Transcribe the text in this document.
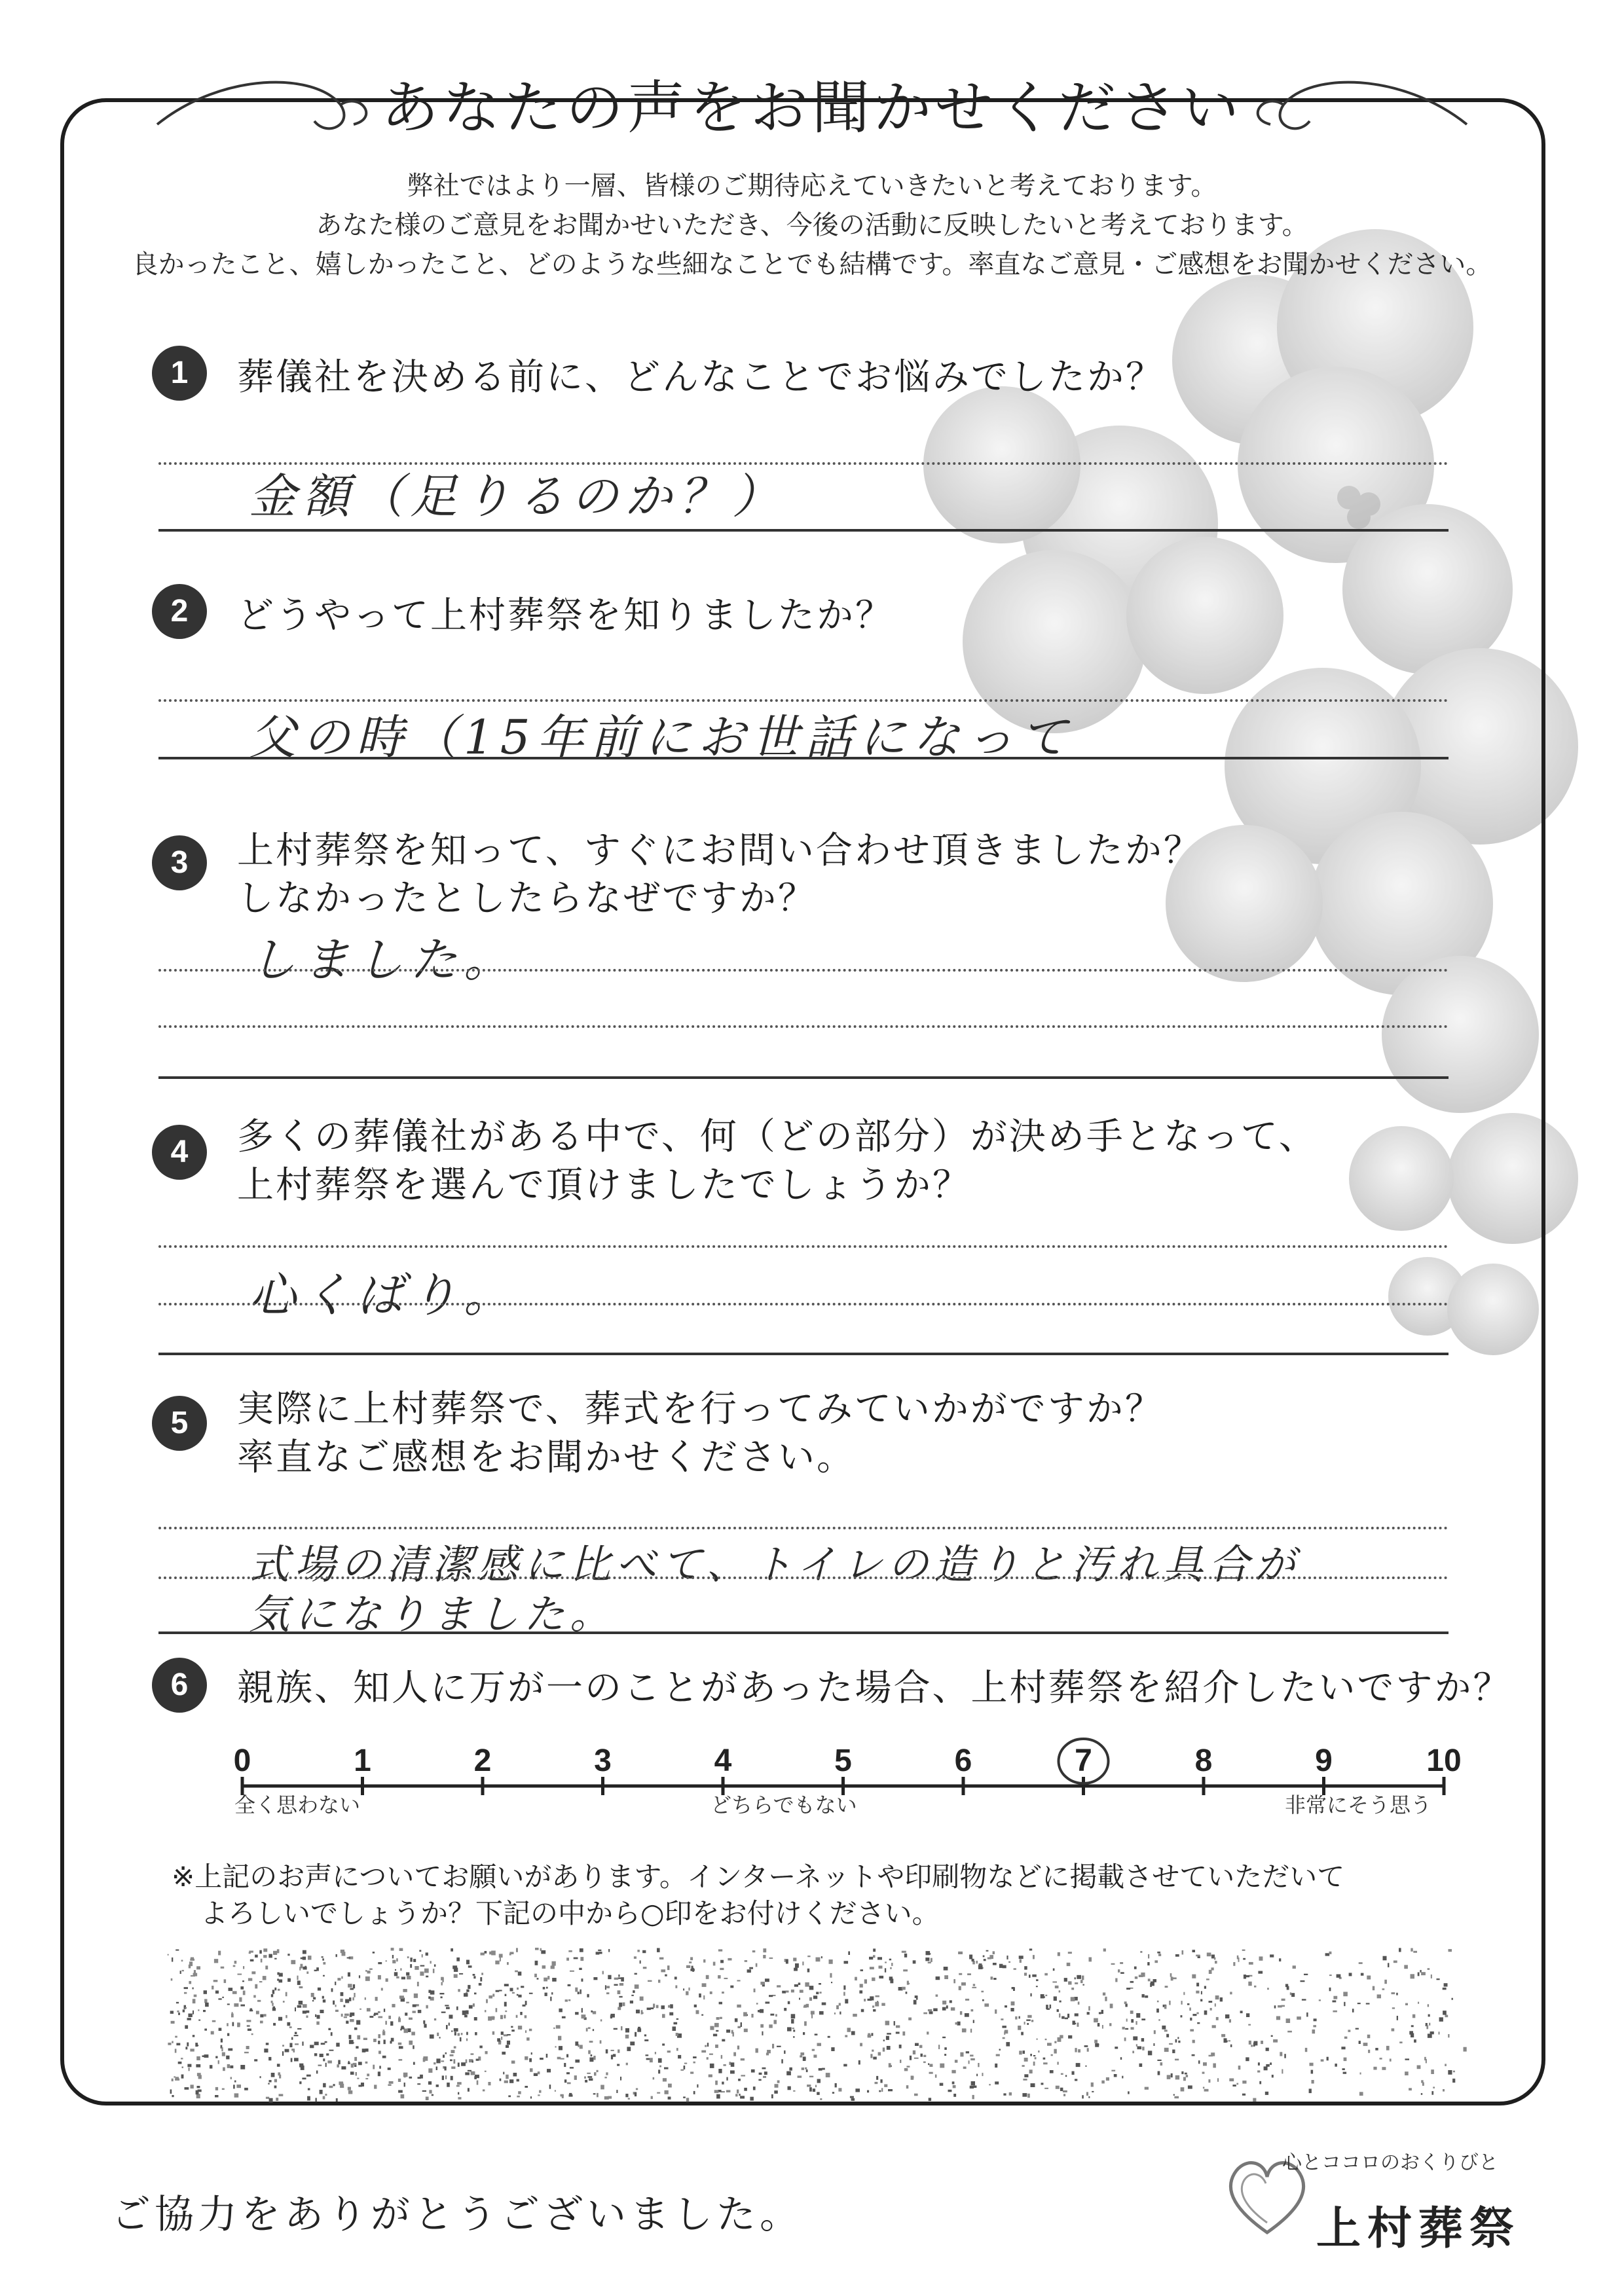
あなたの声をお聞かせください
弊社ではより一層、皆様のご期待応えていきたいと考えております。
あなた様のご意見をお聞かせいただき、今後の活動に反映したいと考えております。
良かったこと、嬉しかったこと、どのような些細なことでも結構です。率直なご意見・ご感想をお聞かせください。
1	葬儀社を決める前に、どんなことでお悩みでしたか？
金額（足りるのか？）
2	どうやって上村葬祭を知りましたか？
父の時（15年前にお世話になって
3	上村葬祭を知って、すぐにお問い合わせ頂きましたか？
しなかったとしたらなぜですか？
しました。
4	多くの葬儀社がある中で、何（どの部分）が決め手となって、
上村葬祭を選んで頂けましたでしょうか？
心くばり。
5	実際に上村葬祭で、葬式を行ってみていかがですか？
率直なご感想をお聞かせください。
式場の清潔感に比べて、トイレの造りと汚れ具合が
気になりました。
6	親族、知人に万が一のことがあった場合、上村葬祭を紹介したいですか？
0	1	2	3	4	5	6	7	8	9	10
全く思わない	どちらでもない	非常にそう思う
※上記のお声についてお願いがあります。インターネットや印刷物などに掲載させていただいて
よろしいでしょうか？下記の中から○印をお付けください。
ご協力をありがとうございました。
心とココロのおくりびと
上村葬祭
